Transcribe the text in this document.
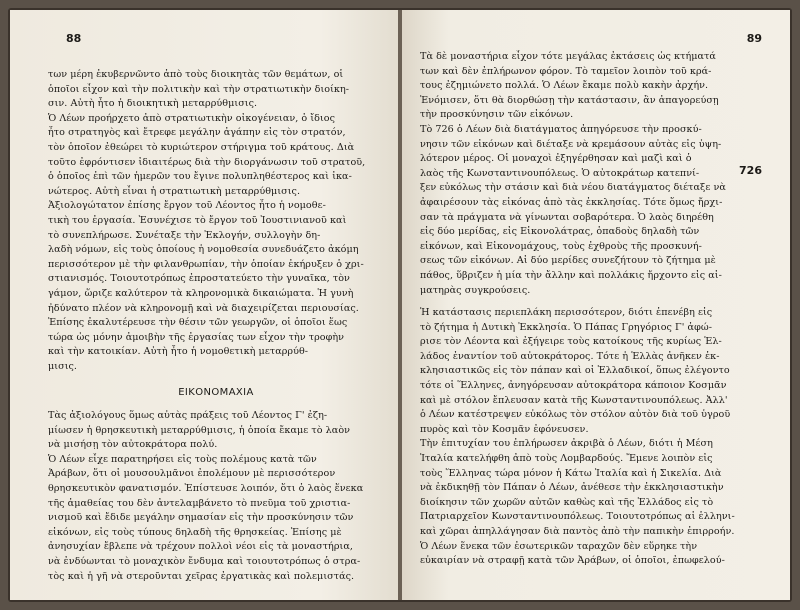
88
των μέρη ἐκυβερνῶντο ἀπὸ τοὺς διοικητὰς τῶν θεμάτων, οἱ
ὁποῖοι εἶχον καὶ τὴν πολιτικὴν καὶ τὴν στρατιωτικὴν διοίκη-
σιν. Αὐτὴ ἦτο ἡ διοικητικὴ μεταρρύθμισις.
Ὁ Λέων προήρχετο ἀπὸ στρατιωτικὴν οἰκογένειαν, ὁ ἴδιος
ἦτο στρατηγὸς καὶ ἔτρεφε μεγάλην ἀγάπην εἰς τὸν στρατόν,
τὸν ὁποῖον ἐθεώρει τὸ κυριώτερον στήριγμα τοῦ κράτους. Διὰ
τοῦτο ἐφρόντισεν ἰδιαιτέρως διὰ τὴν διοργάνωσιν τοῦ στρατοῦ,
ὁ ὁποῖος ἐπὶ τῶν ἡμερῶν του ἔγινε πολυπληθέστερος καὶ ἰκα-
νώτερος. Αὐτὴ εἶναι ἡ στρατιωτικὴ μεταρρύθμισις.
Ἀξιολογώτατον ἐπίσης ἔργον τοῦ Λέοντος ἦτο ἡ νομοθε-
τικὴ του ἐργασία. Ἐσυνέχισε τὸ ἔργον τοῦ Ἰουστινιανοῦ καὶ
τὸ συνεπλήρωσε. Συνέταξε τὴν Ἐκλογήν, συλλογὴν δη-
λαδὴ νόμων, εἰς τοὺς ὁποίους ἡ νομοθεσία συνεδυάζετο ἀκόμη
περισσότερον μὲ τὴν φιλανθρωπίαν, τὴν ὁποίαν ἐκήρυξεν ὁ χρι-
στιανισμός. Τοιουτοτρόπως ἐπροστατεύετο τὴν γυναῖκα, τὸν
γάμον, ὥριζε καλύτερον τὰ κληρονομικὰ δικαιώματα. Ἡ γυνὴ
ἠδύνατο πλέον νὰ κληρονομῇ καὶ νὰ διαχειρίζεται περιουσίας.
Ἐπίσης ἐκαλυτέρευσε τὴν θέσιν τῶν γεωργῶν, οἱ ὁποῖοι ἕως
τώρα ὡς μόνην ἀμοιβὴν τῆς ἐργασίας των εἶχον τὴν τροφὴν
καὶ τὴν κατοικίαν. Αὐτὴ ἦτο ἡ νομοθετικὴ μεταρρύθ-
μισις.
ΕΙΚΟΝΟΜΑΧΙΑ
Τὰς ἀξιολόγους ὅμως αὐτὰς πράξεις τοῦ Λέοντος Γ' ἐζη-
μίωσεν ἡ θρησκευτικὴ μεταρρύθμισις, ἡ ὁποία ἔκαμε τὸ λαὸν
νὰ μισήσῃ τὸν αὐτοκράτορα πολύ.
Ὁ Λέων εἶχε παρατηρήσει εἰς τοὺς πολέμους κατὰ τῶν
Ἀράβων, ὅτι οἱ μουσουλμᾶνοι ἐπολέμουν μὲ περισσότερον
θρησκευτικὸν φανατισμόν. Ἐπίστευσε λοιπόν, ὅτι ὁ λαὸς ἕνεκα
τῆς ἀμαθείας του δὲν ἀντελαμβάνετο τὸ πνεῦμα τοῦ χριστια-
νισμοῦ καὶ ἔδιδε μεγάλην σημασίαν εἰς τὴν προσκύνησιν τῶν
εἰκόνων, εἰς τοὺς τύπους δηλαδὴ τῆς θρησκείας. Ἐπίσης μὲ
ἀνησυχίαν ἔβλεπε νὰ τρέχουν πολλοὶ νέοι εἰς τὰ μοναστήρια,
νὰ ἐνδύωνται τὸ μοναχικὸν ἔνδυμα καὶ τοιουτοτρόπως ὁ στρα-
τὸς καὶ ἡ γῆ νὰ στεροῦνται χεῖρας ἐργατικὰς καὶ πολεμιστάς.
89
726
Τὰ δὲ μοναστήρια εἶχον τότε μεγάλας ἐκτάσεις ὡς κτήματά
των καὶ δὲν ἐπλήρωνον φόρον. Τὸ ταμεῖον λοιπὸν τοῦ κρά-
τους ἐζημιώνετο πολλά. Ὁ Λέων ἔκαμε πολὺ κακὴν ἀρχήν.
Ἐνόμισεν, ὅτι θὰ διορθώσῃ τὴν κατάστασιν, ἂν ἀπαγορεύσῃ
τὴν προσκύνησιν τῶν εἰκόνων.
Τὸ 726 ὁ Λέων διὰ διατάγματος ἀπηγόρευσε τὴν προσκύ-
νησιν τῶν εἰκόνων καὶ διέταξε νὰ κρεμάσουν αὐτὰς εἰς ὑψη-
λότερον μέρος. Οἱ μοναχοὶ ἐξηγέρθησαν καὶ μαζὶ καὶ ὁ
λαὸς τῆς Κωνσταντινουπόλεως. Ὁ αὐτοκράτωρ κατεπνί-
ξεν εὐκόλως τὴν στάσιν καὶ διὰ νέου διατάγματος διέταξε νὰ
ἀφαιρέσουν τὰς εἰκόνας ἀπὸ τὰς ἐκκλησίας. Τότε ὅμως ἤρχι-
σαν τὰ πράγματα νὰ γίνωνται σοβαρότερα. Ὁ λαὸς διηρέθη
εἰς δύο μερίδας, εἰς Εἰκονολάτρας, ὁπαδοὺς δηλαδὴ τῶν
εἰκόνων, καὶ Εἰκονομάχους, τοὺς ἐχθροὺς τῆς προσκυνή-
σεως τῶν εἰκόνων. Αἱ δύο μερίδες συνεζήτουν τὸ ζήτημα μὲ
πάθος, ὕβριζεν ἡ μία τὴν ἄλλην καὶ πολλάκις ἤρχοντο εἰς αἱ-
ματηρὰς συγκρούσεις.
Ἡ κατάστασις περιεπλάκη περισσότερον, διότι ἐπενέβη εἰς
τὸ ζήτημα ἡ Δυτικὴ Ἐκκλησία. Ὁ Πάπας Γρηγόριος Γ' ἀφώ-
ρισε τὸν Λέοντα καὶ ἐξήγειρε τοὺς κατοίκους τῆς κυρίως Ἑλ-
λάδος ἐναντίον τοῦ αὐτοκράτορος. Τότε ἡ Ἑλλὰς ἀνῆκεν ἐκ-
κλησιαστικῶς εἰς τὸν πάπαν καὶ οἱ Ἑλλαδικοί, ὅπως ἐλέγοντο
τότε οἱ Ἕλληνες, ἀνηγόρευσαν αὐτοκράτορα κάποιον Κοσμᾶν
καὶ μὲ στόλον ἔπλευσαν κατὰ τῆς Κωνσταντινουπόλεως. Ἀλλ'
ὁ Λέων κατέστρεψεν εὐκόλως τὸν στόλον αὐτὸν διὰ τοῦ ὑγροῦ
πυρὸς καὶ τὸν Κοσμᾶν ἐφόνευσεν.
Τὴν ἐπιτυχίαν του ἐπλήρωσεν ἀκριβὰ ὁ Λέων, διότι ἡ Μέση
Ἰταλία κατελήφθη ἀπὸ τοὺς Λομβαρδούς. Ἔμενε λοιπὸν εἰς
τοὺς Ἕλληνας τώρα μόνον ἡ Κάτω Ἰταλία καὶ ἡ Σικελία. Διὰ
νὰ ἐκδικηθῇ τὸν Πάπαν ὁ Λέων, ἀνέθεσε τὴν ἐκκλησιαστικὴν
διοίκησιν τῶν χωρῶν αὐτῶν καθὼς καὶ τῆς Ἑλλάδος εἰς τὸ
Πατριαρχεῖον Κωνσταντινουπόλεως. Τοιουτοτρόπως αἱ ἑλληνι-
καὶ χῶραι ἀπηλλάγησαν διὰ παντὸς ἀπὸ τὴν παπικὴν ἐπιρροήν.
Ὁ Λέων ἕνεκα τῶν ἐσωτερικῶν ταραχῶν δὲν εὕρηκε τὴν
εὐκαιρίαν νὰ στραφῇ κατὰ τῶν Ἀράβων, οἱ ὁποῖοι, ἐπωφελού-
